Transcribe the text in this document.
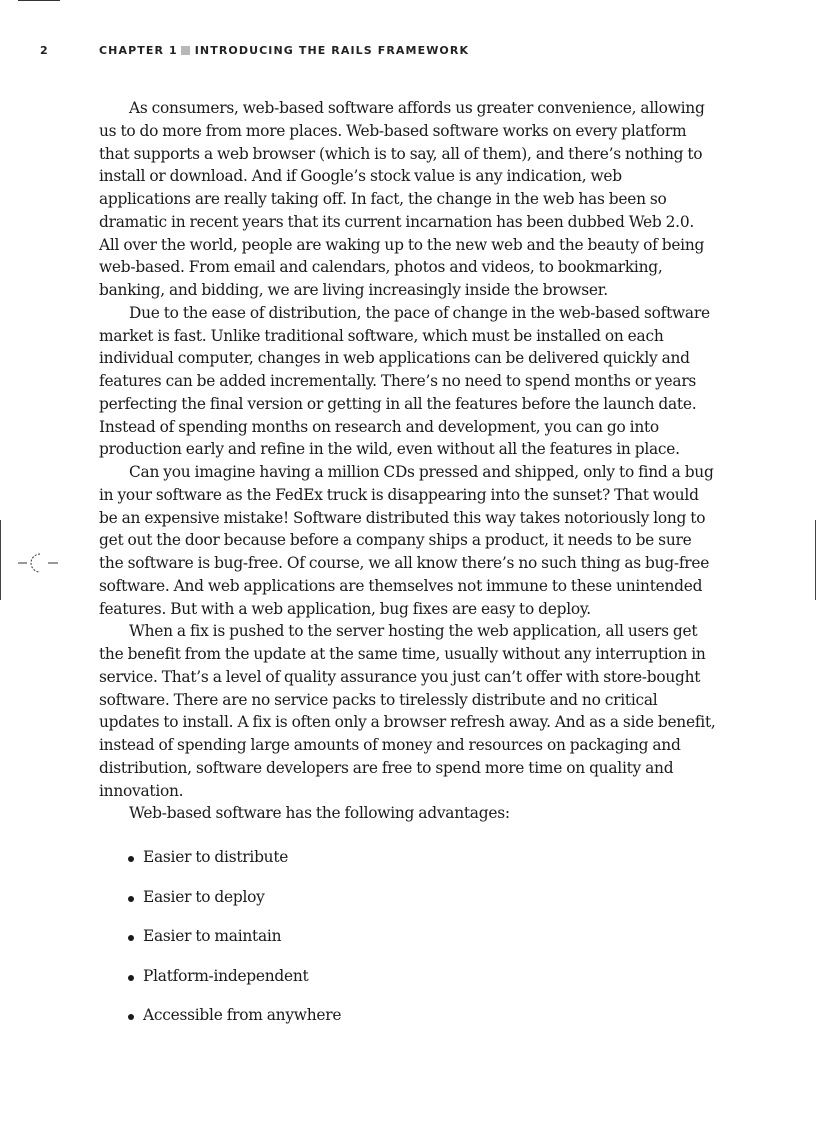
2	CHAPTER 1 INTRODUCING THE RAILS FRAMEWORK

As consumers, web-based software affords us greater convenience, allowing us to do more from more places. Web-based software works on every platform that supports a web browser (which is to say, all of them), and there’s nothing to install or download. And if Google’s stock value is any indication, web applications are really taking off. In fact, the change in the web has been so dramatic in recent years that its current incarnation has been dubbed Web 2.0. All over the world, people are waking up to the new web and the beauty of being web-based. From email and calendars, photos and videos, to bookmarking, banking, and bidding, we are living increasingly inside the browser.

Due to the ease of distribution, the pace of change in the web-based software market is fast. Unlike traditional software, which must be installed on each individual computer, changes in web applications can be delivered quickly and features can be added incrementally. There’s no need to spend months or years perfecting the final version or getting in all the features before the launch date. Instead of spending months on research and development, you can go into production early and refine in the wild, even without all the features in place.

Can you imagine having a million CDs pressed and shipped, only to find a bug in your software as the FedEx truck is disappearing into the sunset? That would be an expensive mistake! Software distributed this way takes notoriously long to get out the door because before a company ships a product, it needs to be sure the software is bug-free. Of course, we all know there’s no such thing as bug-free software. And web applications are themselves not immune to these unintended features. But with a web application, bug fixes are easy to deploy.

When a fix is pushed to the server hosting the web application, all users get the benefit from the update at the same time, usually without any interruption in service. That’s a level of quality assurance you just can’t offer with store-bought software. There are no service packs to tirelessly distribute and no critical updates to install. A fix is often only a browser refresh away. And as a side benefit, instead of spending large amounts of money and resources on packaging and distribution, software developers are free to spend more time on quality and innovation.

Web-based software has the following advantages:

Easier to distribute
Easier to deploy
Easier to maintain
Platform-independent
Accessible from anywhere
